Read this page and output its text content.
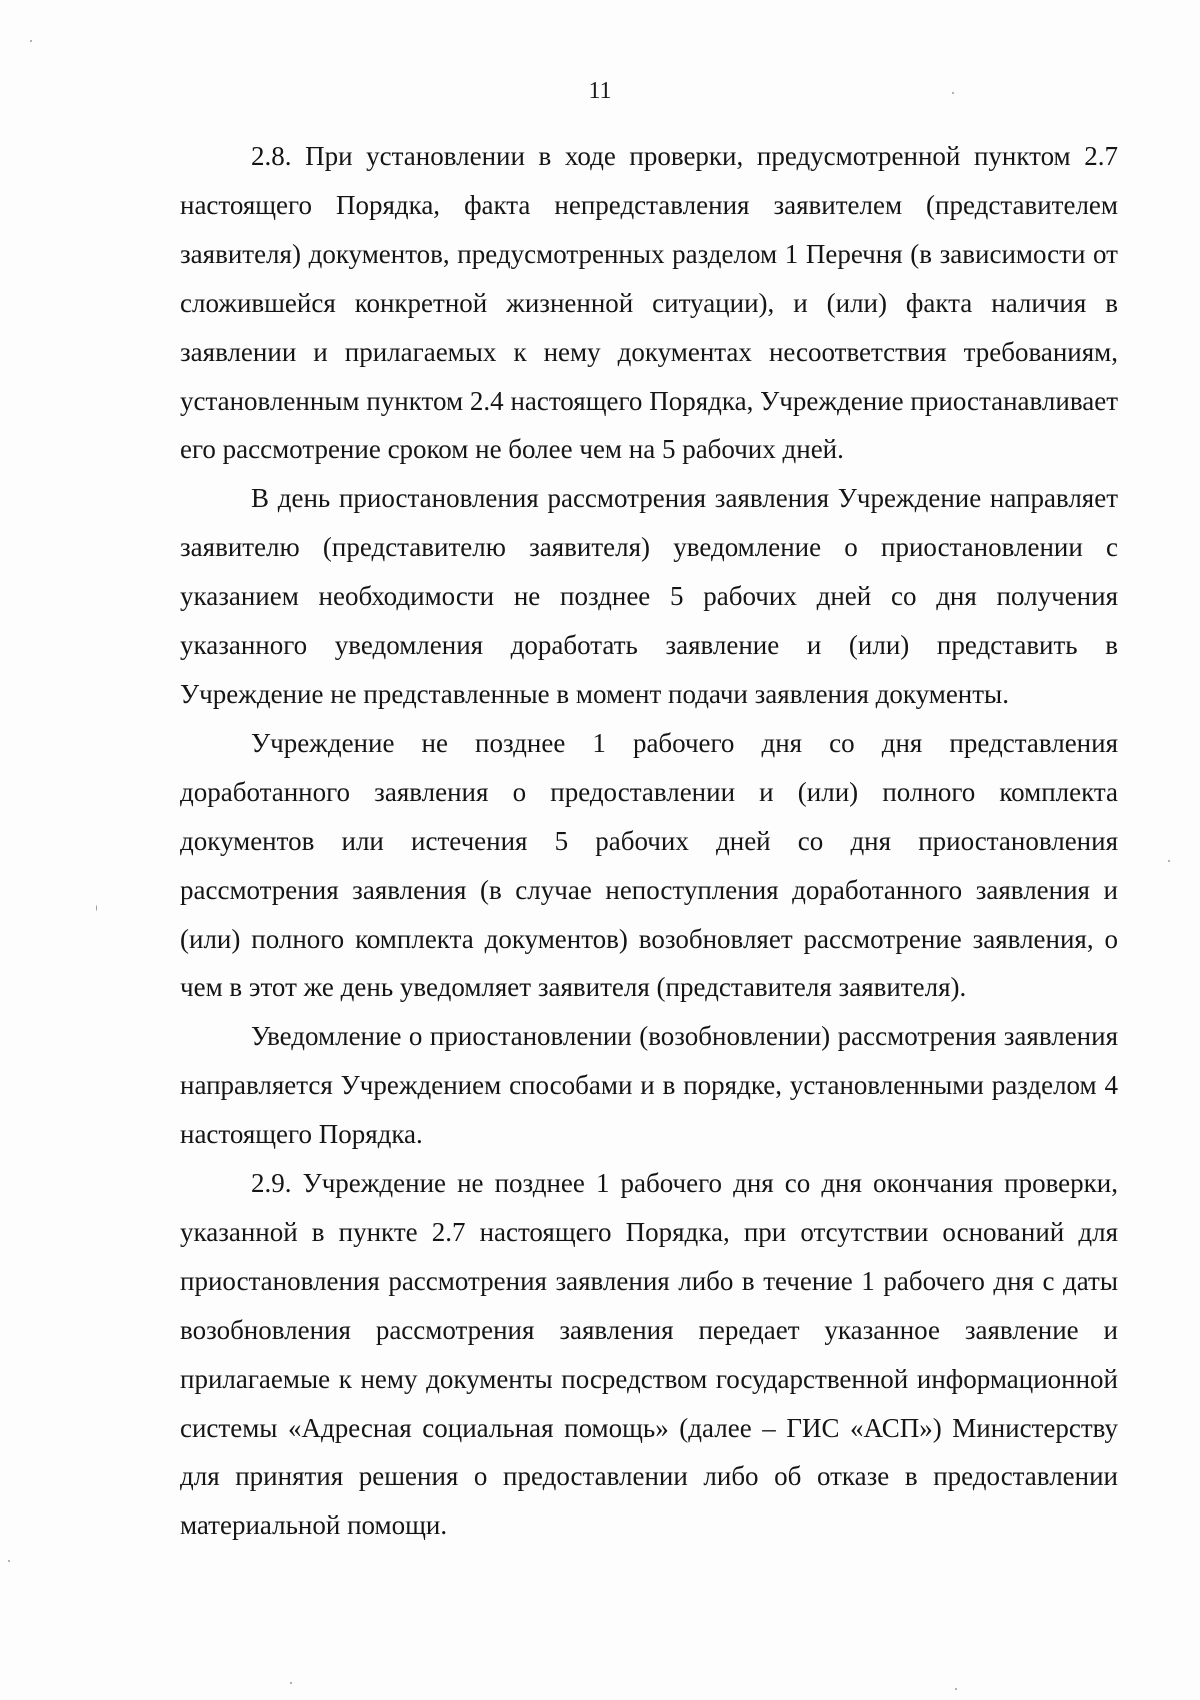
11

2.8. При установлении в ходе проверки, предусмотренной пунктом 2.7 настоящего Порядка, факта непредставления заявителем (представителем заявителя) документов, предусмотренных разделом 1 Перечня (в зависимости от сложившейся конкретной жизненной ситуации), и (или) факта наличия в заявлении и прилагаемых к нему документах несоответствия требованиям, установленным пунктом 2.4 настоящего Порядка, Учреждение приостанавливает его рассмотрение сроком не более чем на 5 рабочих дней.

В день приостановления рассмотрения заявления Учреждение направляет заявителю (представителю заявителя) уведомление о приостановлении с указанием необходимости не позднее 5 рабочих дней со дня получения указанного уведомления доработать заявление и (или) представить в Учреждение не представленные в момент подачи заявления документы.

Учреждение не позднее 1 рабочего дня со дня представления доработанного заявления о предоставлении и (или) полного комплекта документов или истечения 5 рабочих дней со дня приостановления рассмотрения заявления (в случае непоступления доработанного заявления и (или) полного комплекта документов) возобновляет рассмотрение заявления, о чем в этот же день уведомляет заявителя (представителя заявителя).

Уведомление о приостановлении (возобновлении) рассмотрения заявления направляется Учреждением способами и в порядке, установленными разделом 4 настоящего Порядка.

2.9. Учреждение не позднее 1 рабочего дня со дня окончания проверки, указанной в пункте 2.7 настоящего Порядка, при отсутствии оснований для приостановления рассмотрения заявления либо в течение 1 рабочего дня с даты возобновления рассмотрения заявления передает указанное заявление и прилагаемые к нему документы посредством государственной информационной системы «Адресная социальная помощь» (далее – ГИС «АСП») Министерству для принятия решения о предоставлении либо об отказе в предоставлении материальной помощи.
